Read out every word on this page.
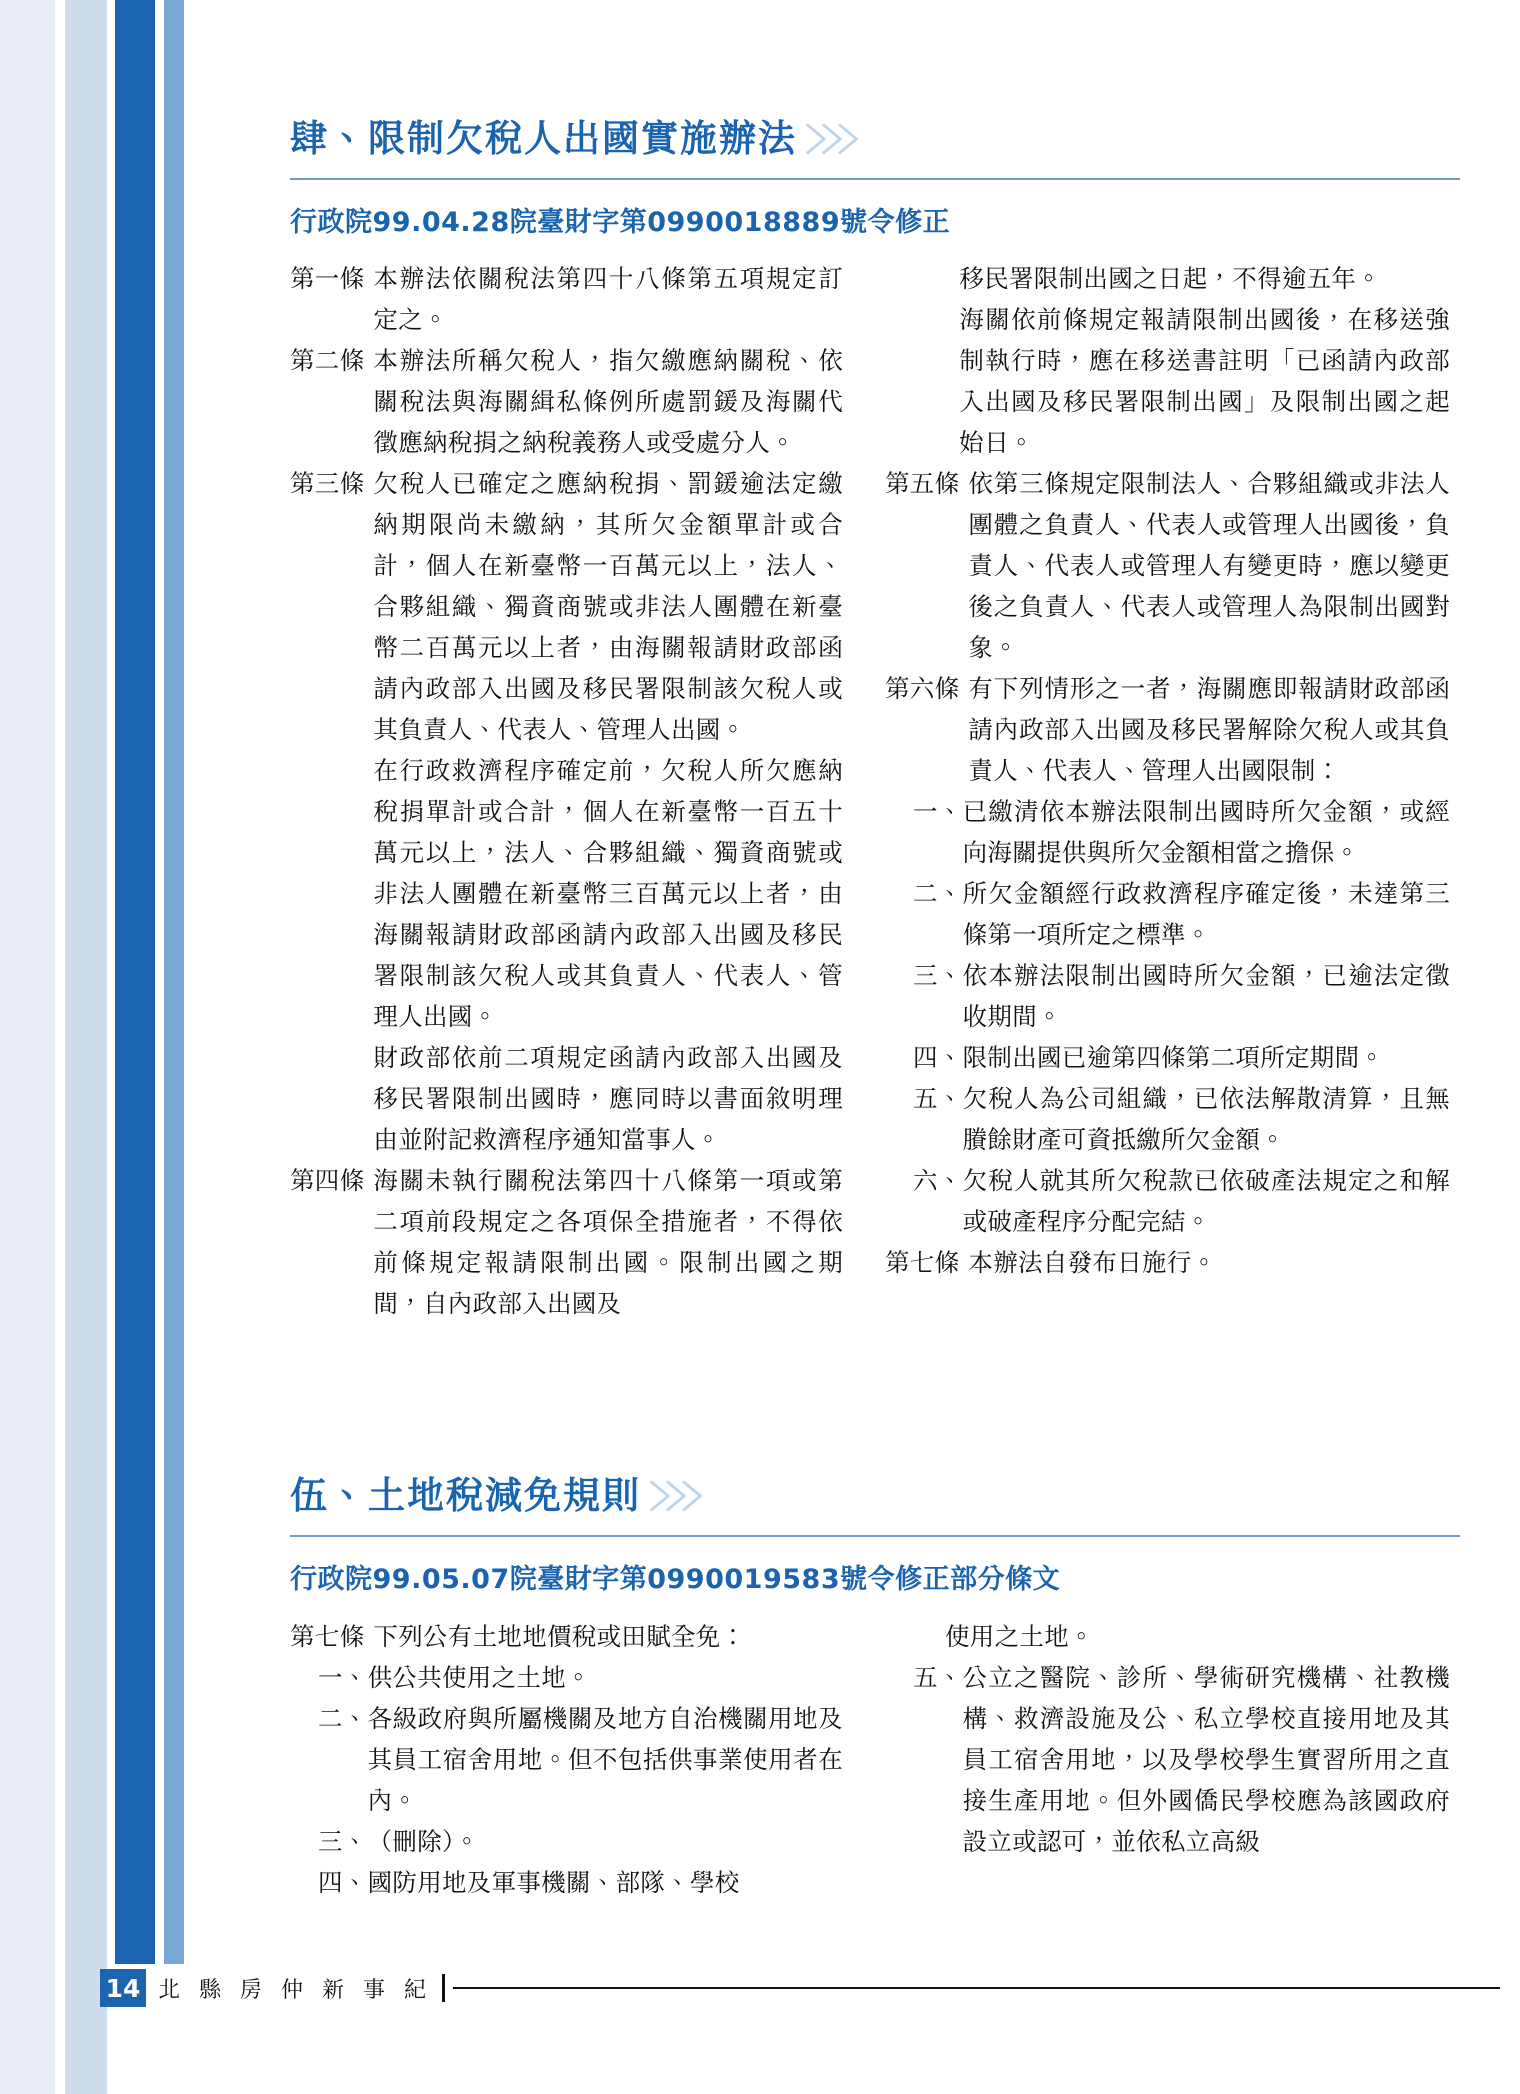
肆、限制欠稅人出國實施辦法 〉〉〉
行政院99.04.28院臺財字第0990018889號令修正
第一條 本辦法依關稅法第四十八條第五項規定訂定之。

第二條 本辦法所稱欠稅人，指欠繳應納關稅、依關稅法與海關緝私條例所處罰鍰及海關代徵應納稅捐之納稅義務人或受處分人。

第三條 欠稅人已確定之應納稅捐、罰鍰逾法定繳納期限尚未繳納，其所欠金額單計或合計，個人在新臺幣一百萬元以上，法人、合夥組織、獨資商號或非法人團體在新臺幣二百萬元以上者，由海關報請財政部函請內政部入出國及移民署限制該欠稅人或其負責人、代表人、管理人出國。

在行政救濟程序確定前，欠稅人所欠應納稅捐單計或合計，個人在新臺幣一百五十萬元以上，法人、合夥組織、獨資商號或非法人團體在新臺幣三百萬元以上者，由海關報請財政部函請內政部入出國及移民署限制該欠稅人或其負責人、代表人、管理人出國。

財政部依前二項規定函請內政部入出國及移民署限制出國時，應同時以書面敘明理由並附記救濟程序通知當事人。

第四條 海關未執行關稅法第四十八條第一項或第二項前段規定之各項保全措施者，不得依前條規定報請限制出國。限制出國之期間，自內政部入出國及

移民署限制出國之日起，不得逾五年。

海關依前條規定報請限制出國後，在移送強制執行時，應在移送書註明「已函請內政部入出國及移民署限制出國」及限制出國之起始日。

第五條 依第三條規定限制法人、合夥組織或非法人團體之負責人、代表人或管理人出國後，負責人、代表人或管理人有變更時，應以變更後之負責人、代表人或管理人為限制出國對象。

第六條 有下列情形之一者，海關應即報請財政部函請內政部入出國及移民署解除欠稅人或其負責人、代表人、管理人出國限制：

一、 已繳清依本辦法限制出國時所欠金額，或經向海關提供與所欠金額相當之擔保。
二、 所欠金額經行政救濟程序確定後，未達第三條第一項所定之標準。
三、 依本辦法限制出國時所欠金額，已逾法定徵收期間。
四、 限制出國已逾第四條第二項所定期間。
五、 欠稅人為公司組織，已依法解散清算，且無賸餘財產可資抵繳所欠金額。
六、 欠稅人就其所欠稅款已依破產法規定之和解或破產程序分配完結。
第七條 本辦法自發布日施行。

伍、土地稅減免規則 〉〉〉
行政院99.05.07院臺財字第0990019583號令修正部分條文
第七條 下列公有土地地價稅或田賦全免：

一、 供公共使用之土地。
二、 各級政府與所屬機關及地方自治機關用地及其員工宿舍用地。但不包括供事業使用者在內。
三、 （刪除）。
四、 國防用地及軍事機關、部隊、學校
使用之土地。
五、 公立之醫院、診所、學術研究機構、社教機構、救濟設施及公、私立學校直接用地及其員工宿舍用地，以及學校學生實習所用之直接生產用地。但外國僑民學校應為該國政府設立或認可，並依私立高級
14 北 縣 房 仲 新 事 紀
